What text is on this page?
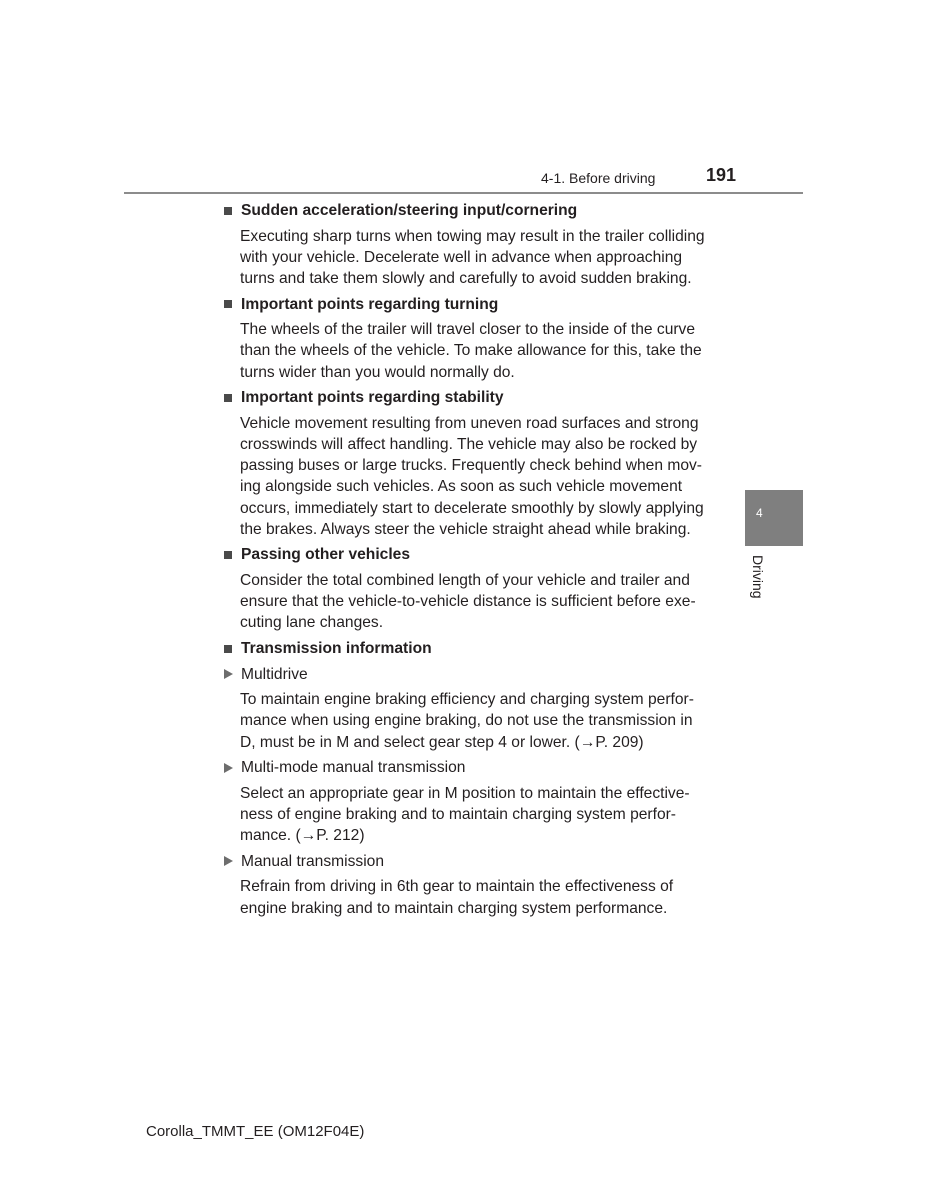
4-1. Before driving	191
Sudden acceleration/steering input/cornering
Executing sharp turns when towing may result in the trailer colliding
with your vehicle. Decelerate well in advance when approaching
turns and take them slowly and carefully to avoid sudden braking.
Important points regarding turning
The wheels of the trailer will travel closer to the inside of the curve
than the wheels of the vehicle. To make allowance for this, take the
turns wider than you would normally do.
Important points regarding stability
Vehicle movement resulting from uneven road surfaces and strong
crosswinds will affect handling. The vehicle may also be rocked by
passing buses or large trucks. Frequently check behind when mov-
ing alongside such vehicles. As soon as such vehicle movement
occurs, immediately start to decelerate smoothly by slowly applying
the brakes. Always steer the vehicle straight ahead while braking.
Passing other vehicles
Consider the total combined length of your vehicle and trailer and
ensure that the vehicle-to-vehicle distance is sufficient before exe-
cuting lane changes.
Transmission information
Multidrive
To maintain engine braking efficiency and charging system perfor-
mance when using engine braking, do not use the transmission in
D, must be in M and select gear step 4 or lower. (→P. 209)
Multi-mode manual transmission
Select an appropriate gear in M position to maintain the effective-
ness of engine braking and to maintain charging system perfor-
mance. (→P. 212)
Manual transmission
Refrain from driving in 6th gear to maintain the effectiveness of
engine braking and to maintain charging system performance.
4
Driving
Corolla_TMMT_EE (OM12F04E)
